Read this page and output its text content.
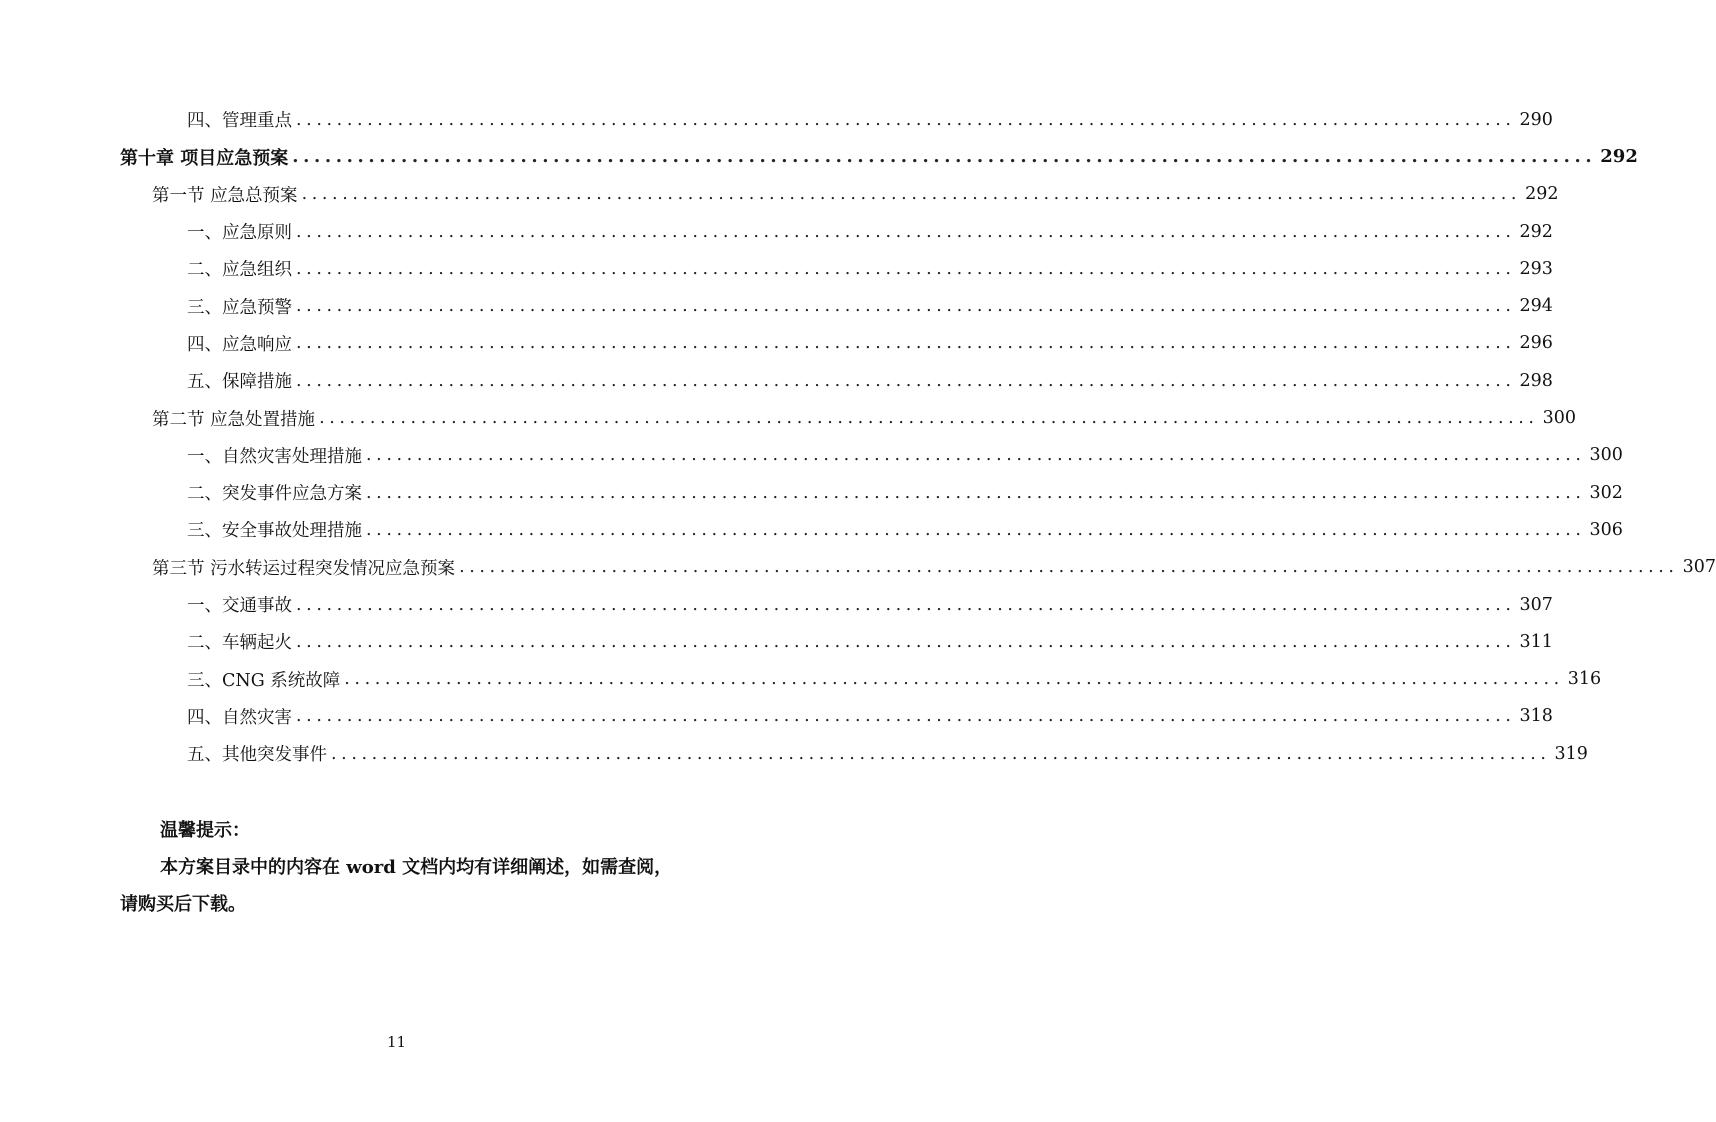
四、管理重点 ........................................................................................................................ 290
第十章 项目应急预案 ........................................................................................................................ 292
第一节 应急总预案 ........................................................................................................................ 292
一、应急原则 ........................................................................................................................ 292
二、应急组织 ........................................................................................................................ 293
三、应急预警 ........................................................................................................................ 294
四、应急响应 ........................................................................................................................ 296
五、保障措施 ........................................................................................................................ 298
第二节 应急处置措施 ........................................................................................................................ 300
一、自然灾害处理措施 ........................................................................................................................ 300
二、突发事件应急方案 ........................................................................................................................ 302
三、安全事故处理措施 ........................................................................................................................ 306
第三节 污水转运过程突发情况应急预案 ........................................................................................................................ 307
一、交通事故 ........................................................................................................................ 307
二、车辆起火 ........................................................................................................................ 311
三、CNG 系统故障 ........................................................................................................................ 316
四、自然灾害 ........................................................................................................................ 318
五、其他突发事件 ........................................................................................................................ 319
温馨提示：
本方案目录中的内容在 word 文档内均有详细阐述，如需查阅，请购买后下载。
11
